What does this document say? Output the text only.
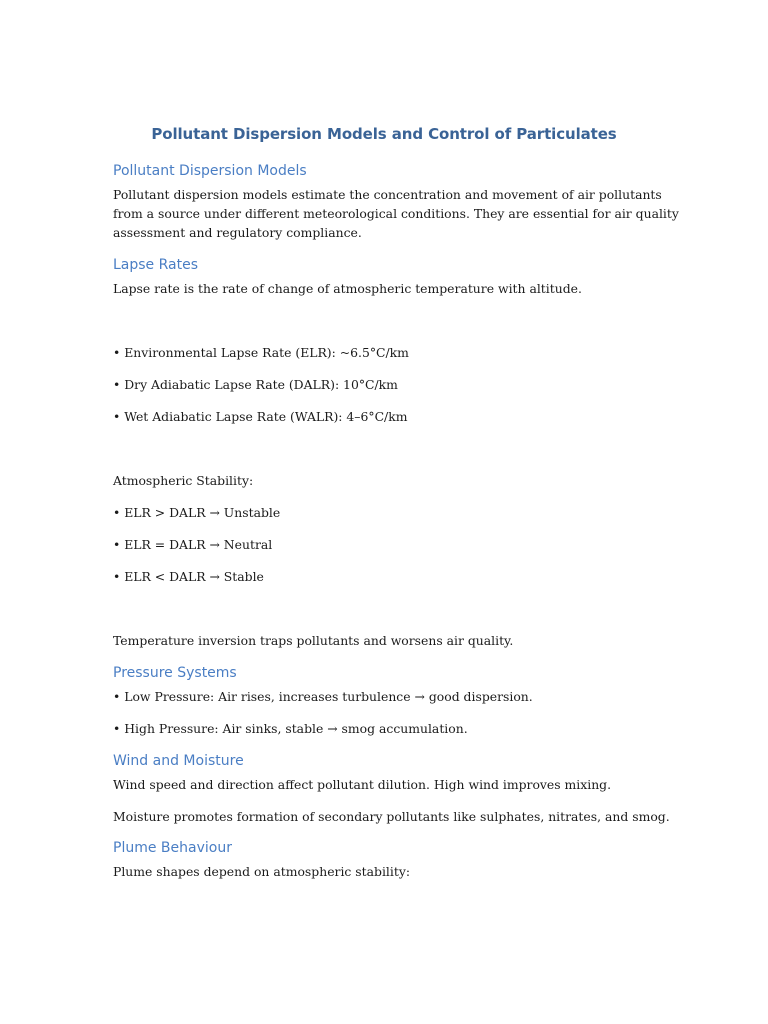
Pollutant Dispersion Models and Control of Particulates
Pollutant Dispersion Models

Pollutant dispersion models estimate the concentration and movement of air pollutants
from a source under different meteorological conditions. They are essential for air quality
assessment and regulatory compliance.

Lapse Rates

Lapse rate is the rate of change of atmospheric temperature with altitude.

• Environmental Lapse Rate (ELR): ~6.5°C/km

• Dry Adiabatic Lapse Rate (DALR): 10°C/km

• Wet Adiabatic Lapse Rate (WALR): 4–6°C/km

Atmospheric Stability:

• ELR > DALR → Unstable

• ELR = DALR → Neutral

• ELR < DALR → Stable

Temperature inversion traps pollutants and worsens air quality.

Pressure Systems

• Low Pressure: Air rises, increases turbulence → good dispersion.

• High Pressure: Air sinks, stable → smog accumulation.

Wind and Moisture

Wind speed and direction affect pollutant dilution. High wind improves mixing.

Moisture promotes formation of secondary pollutants like sulphates, nitrates, and smog.

Plume Behaviour

Plume shapes depend on atmospheric stability:
